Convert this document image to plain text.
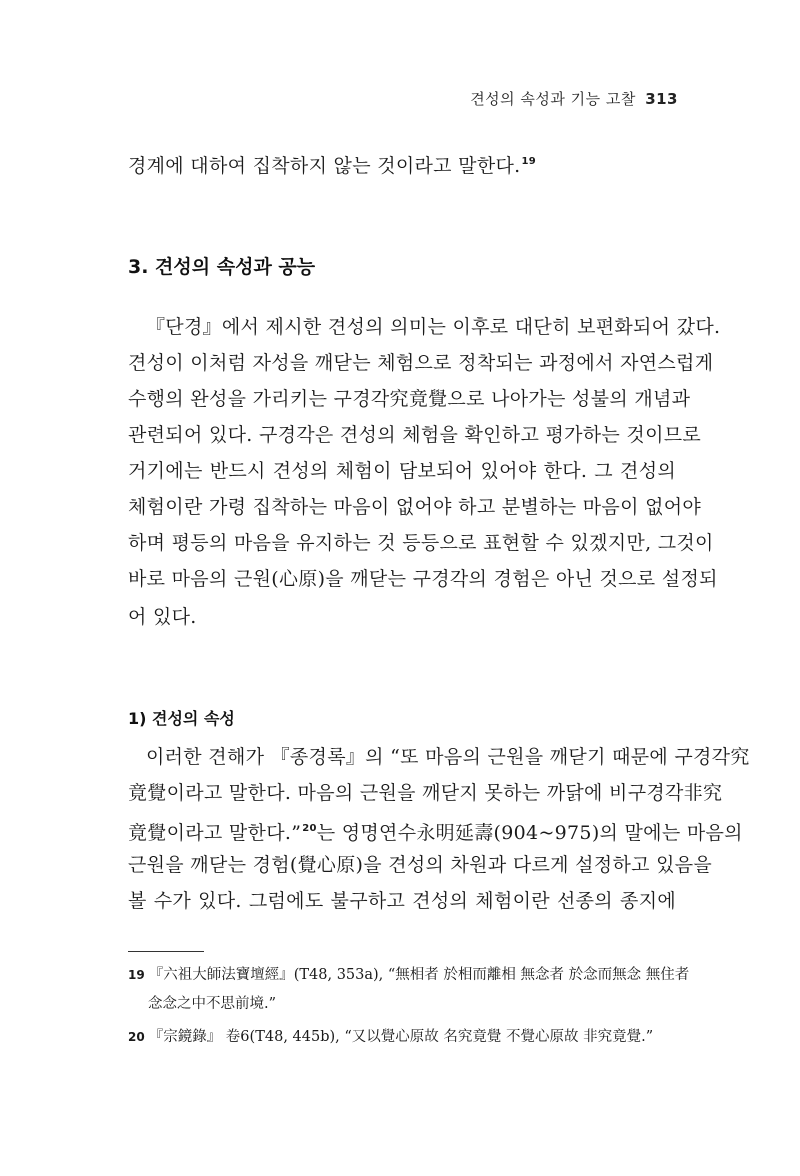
견성의 속성과 기능 고찰 313
경계에 대하여 집착하지 않는 것이라고 말한다.$^{19}$
3. 견성의 속성과 공능
『단경』에서 제시한 견성의 의미는 이후로 대단히 보편화되어 갔다.
견성이 이처럼 자성을 깨닫는 체험으로 정착되는 과정에서 자연스럽게
수행의 완성을 가리키는 구경각究竟覺으로 나아가는 성불의 개념과
관련되어 있다. 구경각은 견성의 체험을 확인하고 평가하는 것이므로
거기에는 반드시 견성의 체험이 담보되어 있어야 한다. 그 견성의
체험이란 가령 집착하는 마음이 없어야 하고 분별하는 마음이 없어야
하며 평등의 마음을 유지하는 것 등등으로 표현할 수 있겠지만, 그것이
바로 마음의 근원(心原)을 깨닫는 구경각의 경험은 아닌 것으로 설정되
어 있다.
1) 견성의 속성
이러한 견해가 『종경록』의 “또 마음의 근원을 깨닫기 때문에 구경각究
竟覺이라고 말한다. 마음의 근원을 깨닫지 못하는 까닭에 비구경각非究
竟覺이라고 말한다.”$^{20}$는 영명연수永明延壽(904~975)의 말에는 마음의
근원을 깨닫는 경험(覺心原)을 견성의 차원과 다르게 설정하고 있음을
볼 수가 있다. 그럼에도 불구하고 견성의 체험이란 선종의 종지에
19 『六祖大師法寶壇經』(T48, 353a), “無相者 於相而離相 無念者 於念而無念 無住者
念念之中不思前境.”
20 『宗鏡錄』 卷6(T48, 445b), “又以覺心原故 名究竟覺 不覺心原故 非究竟覺.”
